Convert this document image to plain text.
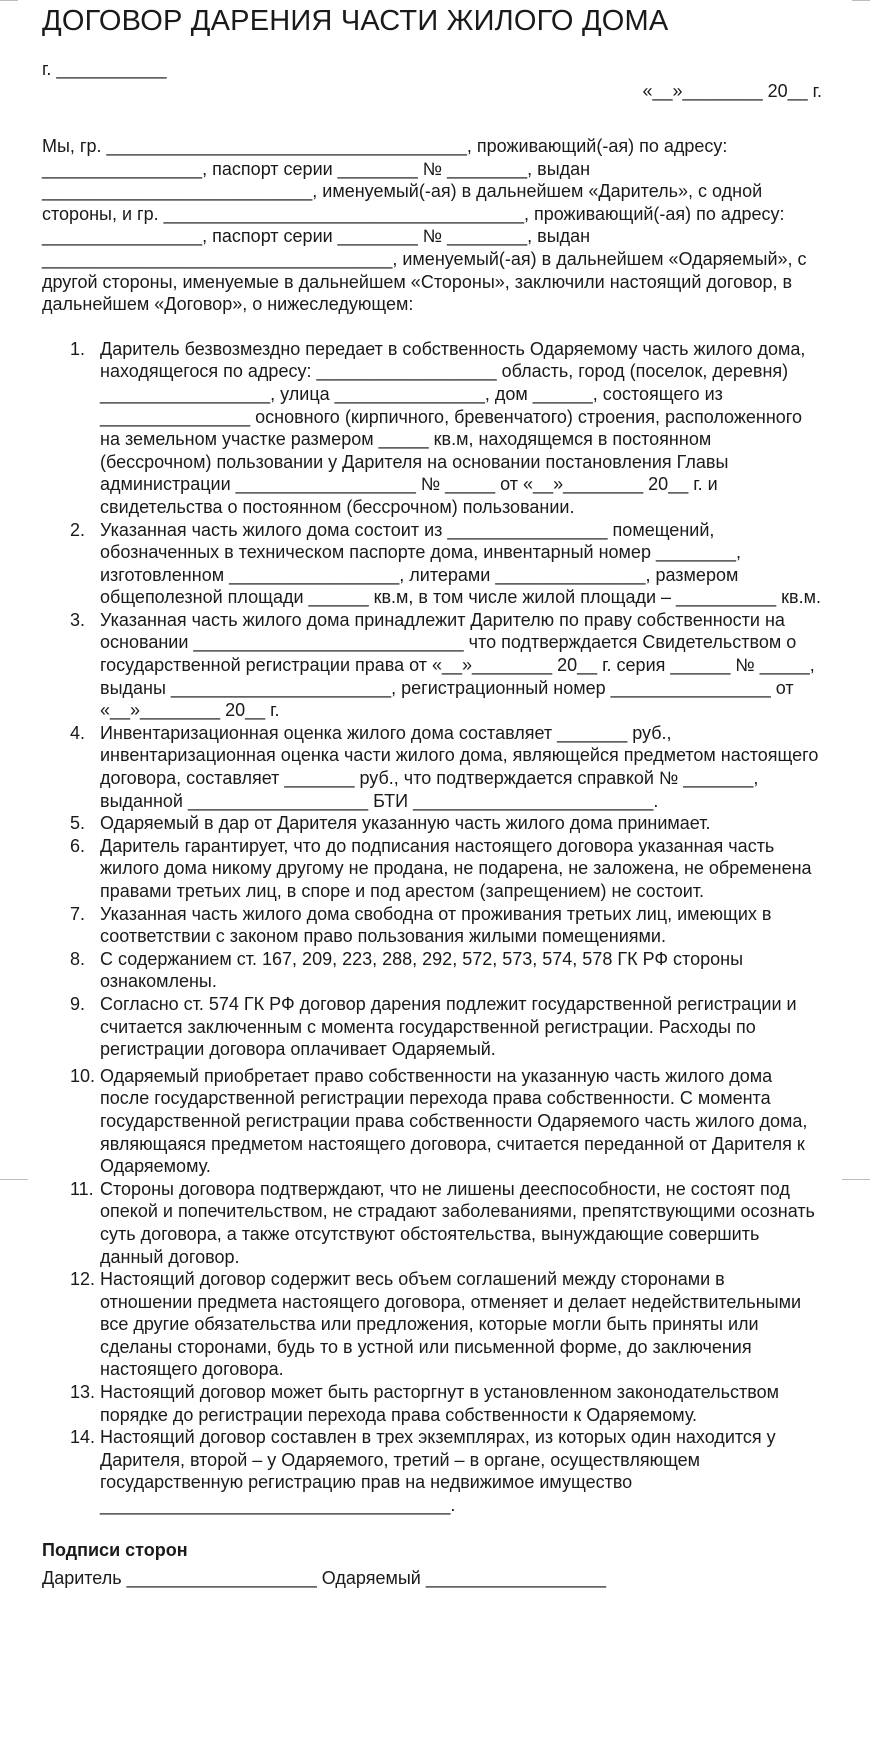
ДОГОВОР ДАРЕНИЯ ЧАСТИ ЖИЛОГО ДОМА
г. ___________
«__»________ 20__ г.

Мы, гр. ____________________________________, проживающий(-ая) по адресу: ________________, паспорт серии ________ № ________, выдан ___________________________, именуемый(-ая) в дальнейшем «Даритель», с одной стороны, и гр. ____________________________________, проживающий(-ая) по адресу: ________________, паспорт серии ________ № ________, выдан ___________________________________, именуемый(-ая) в дальнейшем «Одаряемый», с другой стороны, именуемые в дальнейшем «Стороны», заключили настоящий договор, в дальнейшем «Договор», о нижеследующем:

1. Даритель безвозмездно передает в собственность Одаряемому часть жилого дома, находящегося по адресу: __________________ область, город (поселок, деревня) _________________, улица _______________, дом ______, состоящего из _______________ основного (кирпичного, бревенчатого) строения, расположенного на земельном участке размером _____ кв.м, находящемся в постоянном (бессрочном) пользовании у Дарителя на основании постановления Главы администрации __________________ № _____ от «__»________ 20__ г. и свидетельства о постоянном (бессрочном) пользовании.
2. Указанная часть жилого дома состоит из ________________ помещений, обозначенных в техническом паспорте дома, инвентарный номер ________, изготовленном _________________, литерами _______________, размером общеполезной площади ______ кв.м, в том числе жилой площади – __________ кв.м.
3. Указанная часть жилого дома принадлежит Дарителю по праву собственности на основании ___________________________ что подтверждается Свидетельством о государственной регистрации права от «__»________ 20__ г. серия ______ № _____, выданы ______________________, регистрационный номер ________________ от «__»________ 20__ г.
4. Инвентаризационная оценка жилого дома составляет _______ руб., инвентаризационная оценка части жилого дома, являющейся предметом настоящего договора, составляет _______ руб., что подтверждается справкой № _______, выданной __________________ БТИ ________________________.
5. Одаряемый в дар от Дарителя указанную часть жилого дома принимает.
6. Даритель гарантирует, что до подписания настоящего договора указанная часть жилого дома никому другому не продана, не подарена, не заложена, не обременена правами третьих лиц, в споре и под арестом (запрещением) не состоит.
7. Указанная часть жилого дома свободна от проживания третьих лиц, имеющих в соответствии с законом право пользования жилыми помещениями.
8. С содержанием ст. 167, 209, 223, 288, 292, 572, 573, 574, 578 ГК РФ стороны ознакомлены.
9. Согласно ст. 574 ГК РФ договор дарения подлежит государственной регистрации и считается заключенным с момента государственной регистрации. Расходы по регистрации договора оплачивает Одаряемый.
10. Одаряемый приобретает право собственности на указанную часть жилого дома после государственной регистрации перехода права собственности. С момента государственной регистрации права собственности Одаряемого часть жилого дома, являющаяся предметом настоящего договора, считается переданной от Дарителя к Одаряемому.
11. Стороны договора подтверждают, что не лишены дееспособности, не состоят под опекой и попечительством, не страдают заболеваниями, препятствующими осознать суть договора, а также отсутствуют обстоятельства, вынуждающие совершить данный договор.
12. Настоящий договор содержит весь объем соглашений между сторонами в отношении предмета настоящего договора, отменяет и делает недействительными все другие обязательства или предложения, которые могли быть приняты или сделаны сторонами, будь то в устной или письменной форме, до заключения настоящего договора.
13. Настоящий договор может быть расторгнут в установленном законодательством порядке до регистрации перехода права собственности к Одаряемому.
14. Настоящий договор составлен в трех экземплярах, из которых один находится у Дарителя, второй – у Одаряемого, третий – в органе, осуществляющем государственную регистрацию прав на недвижимое имущество ___________________________________.
Подписи сторон
Даритель ___________________ Одаряемый __________________
